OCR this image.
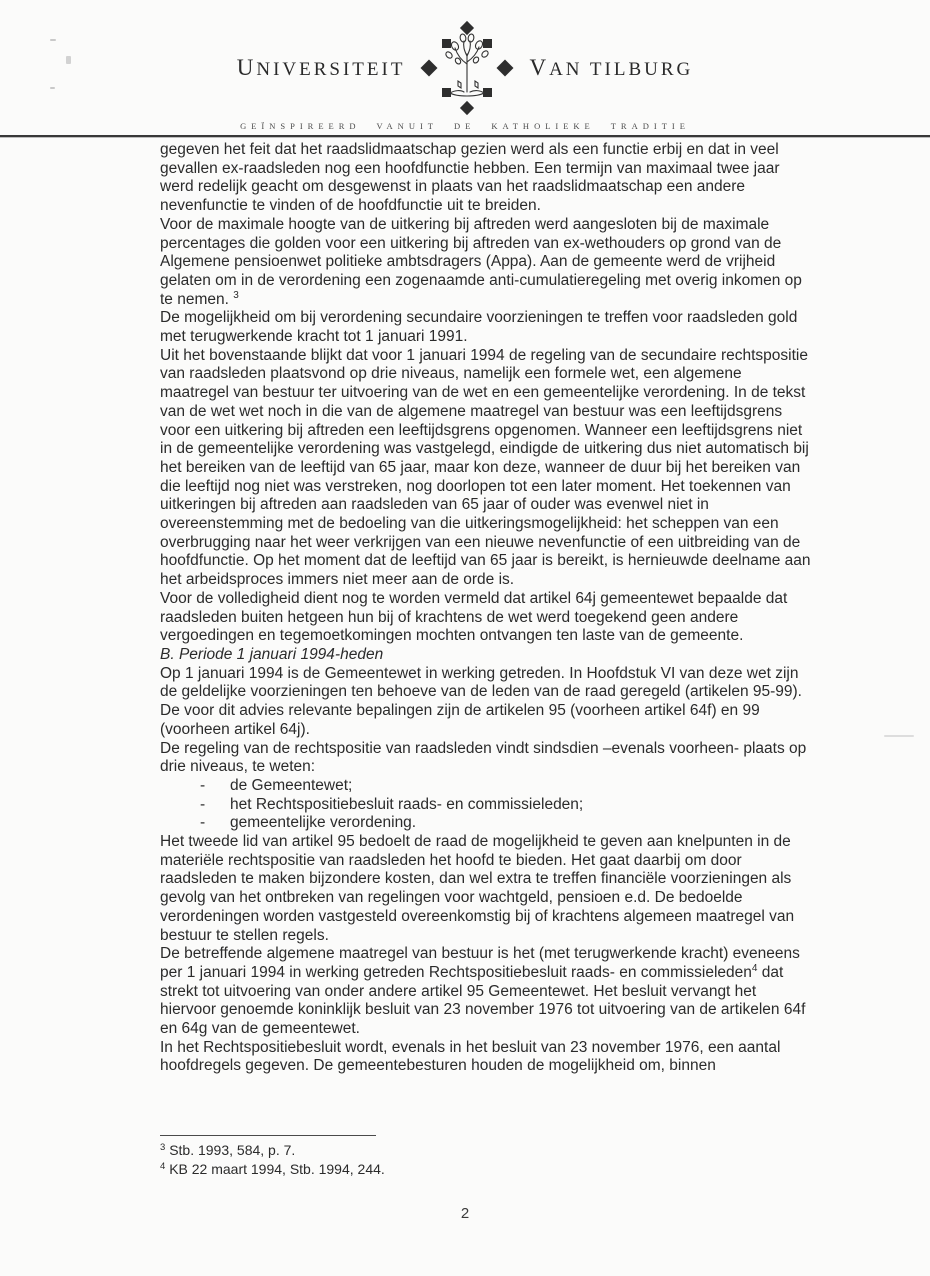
UNIVERSITEIT	VAN TILBURG
GEÏNSPIREERD VANUIT DE KATHOLIEKE TRADITIE

gegeven het feit dat het raadslidmaatschap gezien werd als een functie erbij en dat in veel gevallen ex-raadsleden nog een hoofdfunctie hebben. Een termijn van maximaal twee jaar werd redelijk geacht om desgewenst in plaats van het raadslidmaatschap een andere nevenfunctie te vinden of de hoofdfunctie uit te breiden.

Voor de maximale hoogte van de uitkering bij aftreden werd aangesloten bij de maximale percentages die golden voor een uitkering bij aftreden van ex-wethouders op grond van de Algemene pensioenwet politieke ambtsdragers (Appa). Aan de gemeente werd de vrijheid gelaten om in de verordening een zogenaamde anti-cumulatieregeling met overig inkomen op te nemen. $^3$

De mogelijkheid om bij verordening secundaire voorzieningen te treffen voor raadsleden gold met terugwerkende kracht tot 1 januari 1991.

Uit het bovenstaande blijkt dat voor 1 januari 1994 de regeling van de secundaire rechtspositie van raadsleden plaatsvond op drie niveaus, namelijk een formele wet, een algemene maatregel van bestuur ter uitvoering van de wet en een gemeentelijke verordening. In de tekst van de wet wet noch in die van de algemene maatregel van bestuur was een leeftijdsgrens voor een uitkering bij aftreden een leeftijdsgrens opgenomen. Wanneer een leeftijdsgrens niet in de gemeentelijke verordening was vastgelegd, eindigde de uitkering dus niet automatisch bij het bereiken van de leeftijd van 65 jaar, maar kon deze, wanneer de duur bij het bereiken van die leeftijd nog niet was verstreken, nog doorlopen tot een later moment. Het toekennen van uitkeringen bij aftreden aan raadsleden van 65 jaar of ouder was evenwel niet in overeenstemming met de bedoeling van die uitkeringsmogelijkheid: het scheppen van een overbrugging naar het weer verkrijgen van een nieuwe nevenfunctie of een uitbreiding van de hoofdfunctie. Op het moment dat de leeftijd van 65 jaar is bereikt, is hernieuwde deelname aan het arbeidsproces immers niet meer aan de orde is.

Voor de volledigheid dient nog te worden vermeld dat artikel 64j gemeentewet bepaalde dat raadsleden buiten hetgeen hun bij of krachtens de wet werd toegekend geen andere vergoedingen en tegemoetkomingen mochten ontvangen ten laste van de gemeente.

B. Periode 1 januari 1994-heden

Op 1 januari 1994 is de Gemeentewet in werking getreden. In Hoofdstuk VI van deze wet zijn de geldelijke voorzieningen ten behoeve van de leden van de raad geregeld (artikelen 95-99). De voor dit advies relevante bepalingen zijn de artikelen 95 (voorheen artikel 64f) en 99 (voorheen artikel 64j).

De regeling van de rechtspositie van raadsleden vindt sindsdien –evenals voorheen- plaats op drie niveaus, te weten:

-	de Gemeentewet;
-	het Rechtspositiebesluit raads- en commissieleden;
-	gemeentelijke verordening.

Het tweede lid van artikel 95 bedoelt de raad de mogelijkheid te geven aan knelpunten in de materiële rechtspositie van raadsleden het hoofd te bieden. Het gaat daarbij om door raadsleden te maken bijzondere kosten, dan wel extra te treffen financiële voorzieningen als gevolg van het ontbreken van regelingen voor wachtgeld, pensioen e.d. De bedoelde verordeningen worden vastgesteld overeenkomstig bij of krachtens algemeen maatregel van bestuur te stellen regels.

De betreffende algemene maatregel van bestuur is het (met terugwerkende kracht) eveneens per 1 januari 1994 in werking getreden Rechtspositiebesluit raads- en commissieleden$^4$ dat strekt tot uitvoering van onder andere artikel 95 Gemeentewet. Het besluit vervangt het hiervoor genoemde koninklijk besluit van 23 november 1976 tot uitvoering van de artikelen 64f en 64g van de gemeentewet.

In het Rechtspositiebesluit wordt, evenals in het besluit van 23 november 1976, een aantal hoofdregels gegeven. De gemeentebesturen houden de mogelijkheid om, binnen

$^3$ Stb. 1993, 584, p. 7.
$^4$ KB 22 maart 1994, Stb. 1994, 244.
2
